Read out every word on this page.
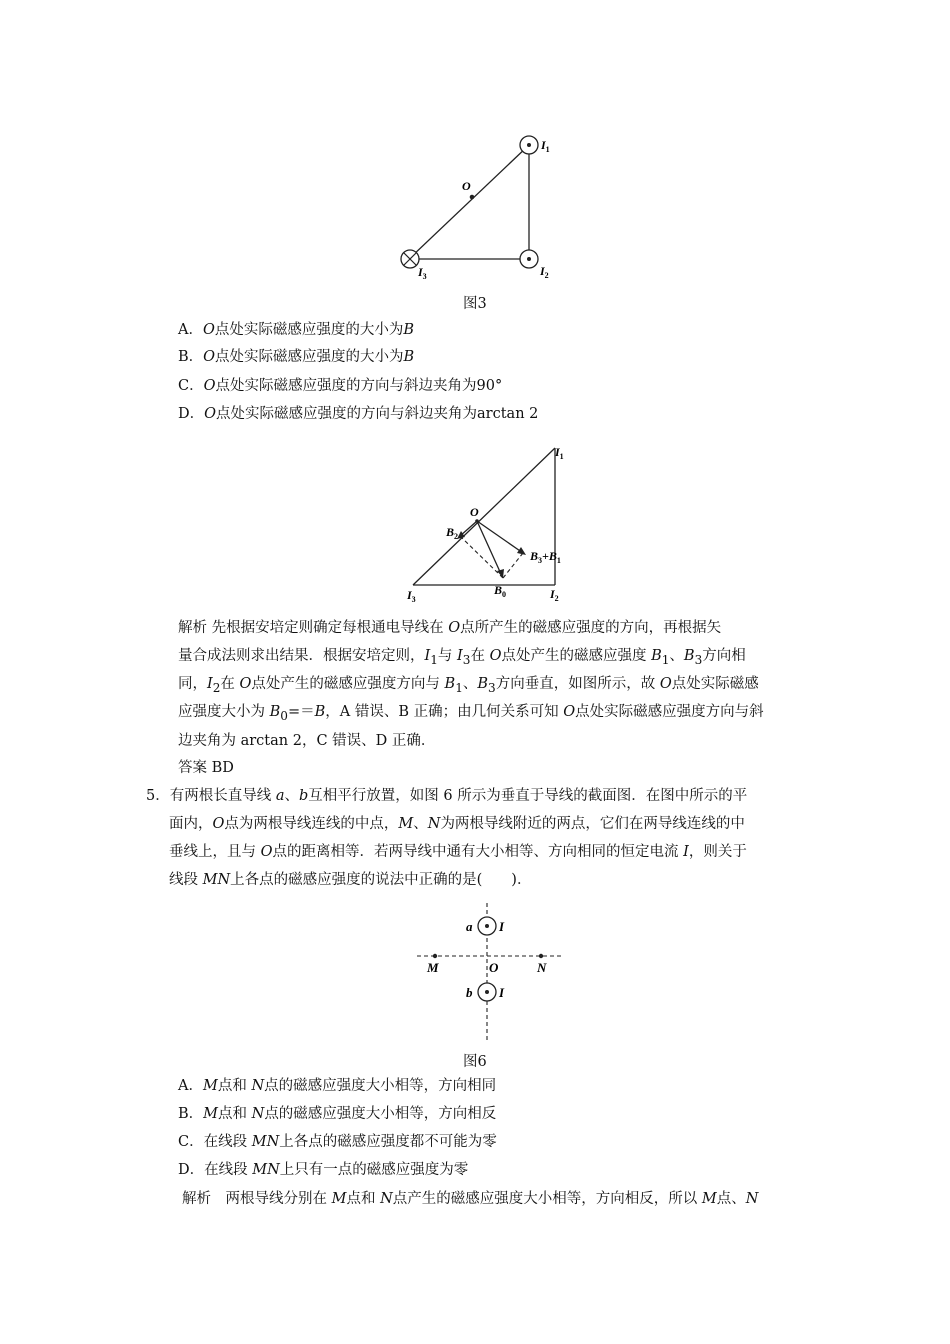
O
$I_1$
$I_2$
$I_3$
图3
A．O点处实际磁感应强度的大小为B
B．O点处实际磁感应强度的大小为B
C．O点处实际磁感应强度的方向与斜边夹角为90°
D．O点处实际磁感应强度的方向与斜边夹角为arctan 2
O
$B_2$
$B_0$
$B_3+B_1$
$I_1$
$I_2$
$I_3$
解析 先根据安培定则确定每根通电导线在 O点所产生的磁感应强度的方向，再根据矢
量合成法则求出结果．根据安培定则，$I_1$与 $I_3$在 O点处产生的磁感应强度 $B_1$、$B_3$方向相
同，$I_2$在 O点处产生的磁感应强度方向与 $B_1$、$B_3$方向垂直，如图所示，故 O点处实际磁感
应强度大小为 $B_0==B$，A 错误、B 正确；由几何关系可知 O点处实际磁感应强度方向与斜
边夹角为 arctan 2，C 错误、D 正确．
答案 BD
5．有两根长直导线 a、b互相平行放置，如图 6 所示为垂直于导线的截面图．在图中所示的平
面内，O点为两根导线连线的中点，M、N为两根导线附近的两点，它们在两导线连线的中
垂线上，且与 O点的距离相等．若两导线中通有大小相等、方向相同的恒定电流 I，则关于
线段 MN上各点的磁感应强度的说法中正确的是(　　)．
a I
b I
M	O	N
图6
A．M点和 N点的磁感应强度大小相等，方向相同
B．M点和 N点的磁感应强度大小相等，方向相反
C．在线段 MN上各点的磁感应强度都不可能为零
D．在线段 MN上只有一点的磁感应强度为零
解析　两根导线分别在 M点和 N点产生的磁感应强度大小相等，方向相反，所以 M点、N
